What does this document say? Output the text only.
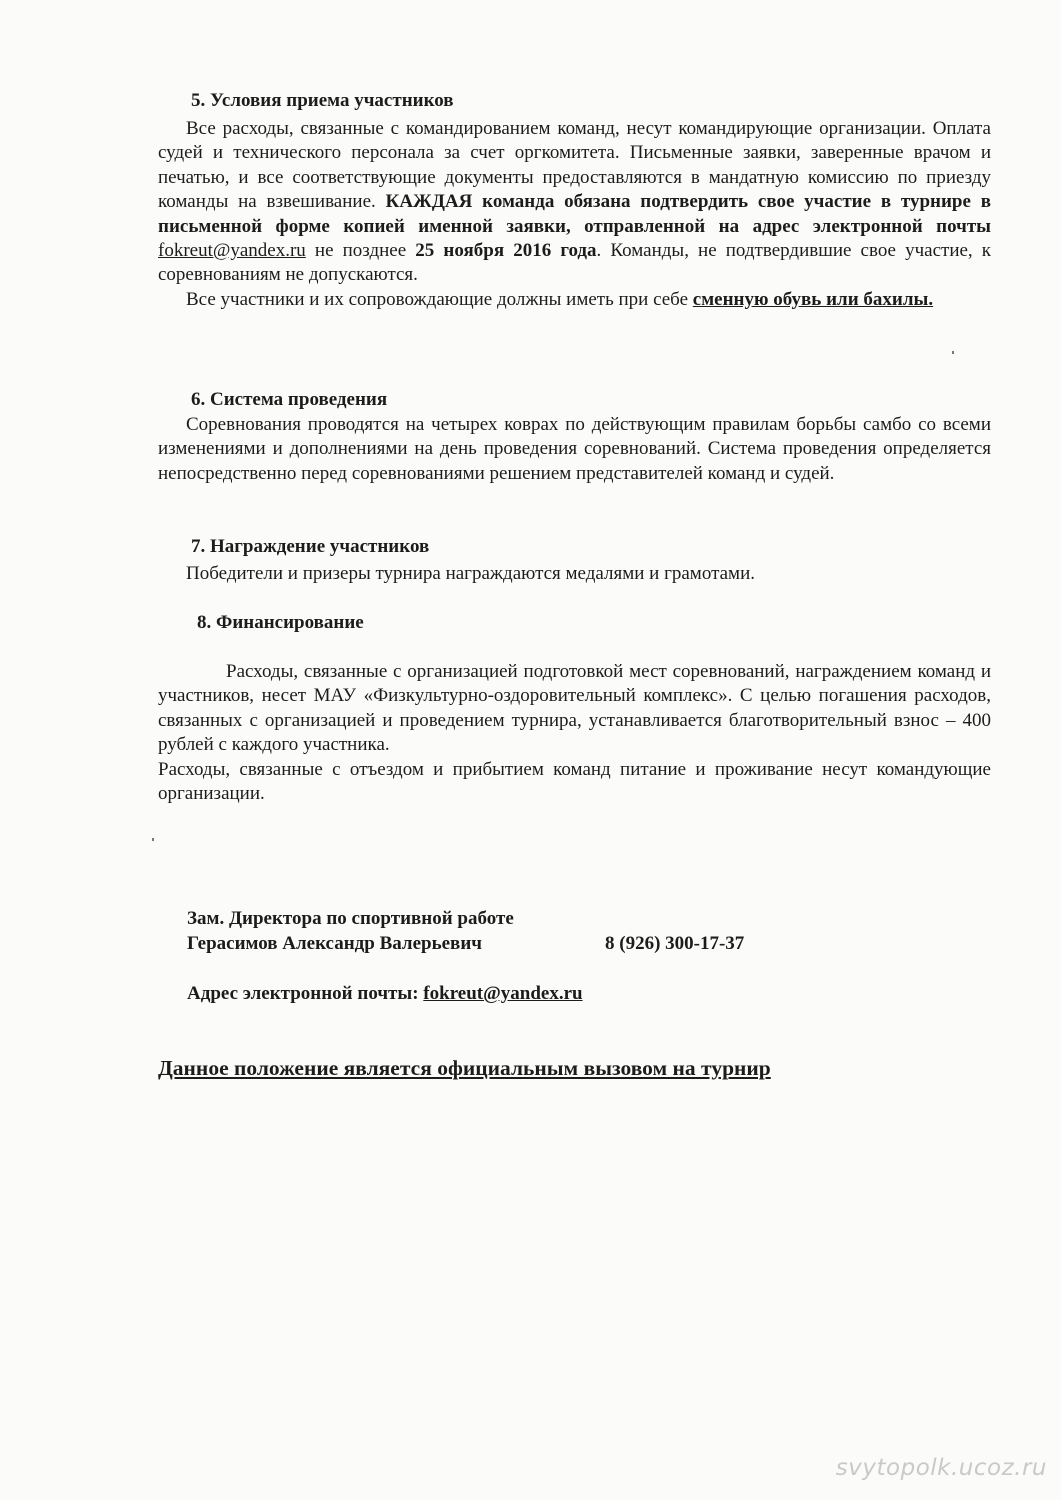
5. Условия приема участников

Все расходы, связанные с командированием команд, несут командирующие организации. Оплата судей и технического персонала за счет оргкомитета. Письменные заявки, заверенные врачом и печатью, и все соответствующие документы предоставляются в мандатную комиссию по приезду команды на взвешивание. КАЖДАЯ команда обязана подтвердить свое участие в турнире в письменной форме копией именной заявки, отправленной на адрес электронной почты fokreut@yandex.ru не позднее 25 ноября 2016 года. Команды, не подтвердившие свое участие, к соревнованиям не допускаются.

Все участники и их сопровождающие должны иметь при себе сменную обувь или бахилы.

6. Система проведения

Соревнования проводятся на четырех коврах по действующим правилам борьбы самбо со всеми изменениями и дополнениями на день проведения соревнований. Система проведения определяется непосредственно перед соревнованиями решением представителей команд и судей.

7. Награждение участников

Победители и призеры турнира награждаются медалями и грамотами.

8. Финансирование

Расходы, связанные с организацией подготовкой мест соревнований, награждением команд и участников, несет МАУ «Физкультурно-оздоровительный комплекс». С целью погашения расходов, связанных с организацией и проведением турнира, устанавливается благотворительный взнос – 400 рублей с каждого участника.

Расходы, связанные с отъездом и прибытием команд питание и проживание несут командующие организации.

Зам. Директора по спортивной работе
Герасимов Александр Валерьевич	8 (926) 300-17-37
Адрес электронной почты: fokreut@yandex.ru
Данное положение является официальным вызовом на турнир
svytopolk.ucoz.ru
